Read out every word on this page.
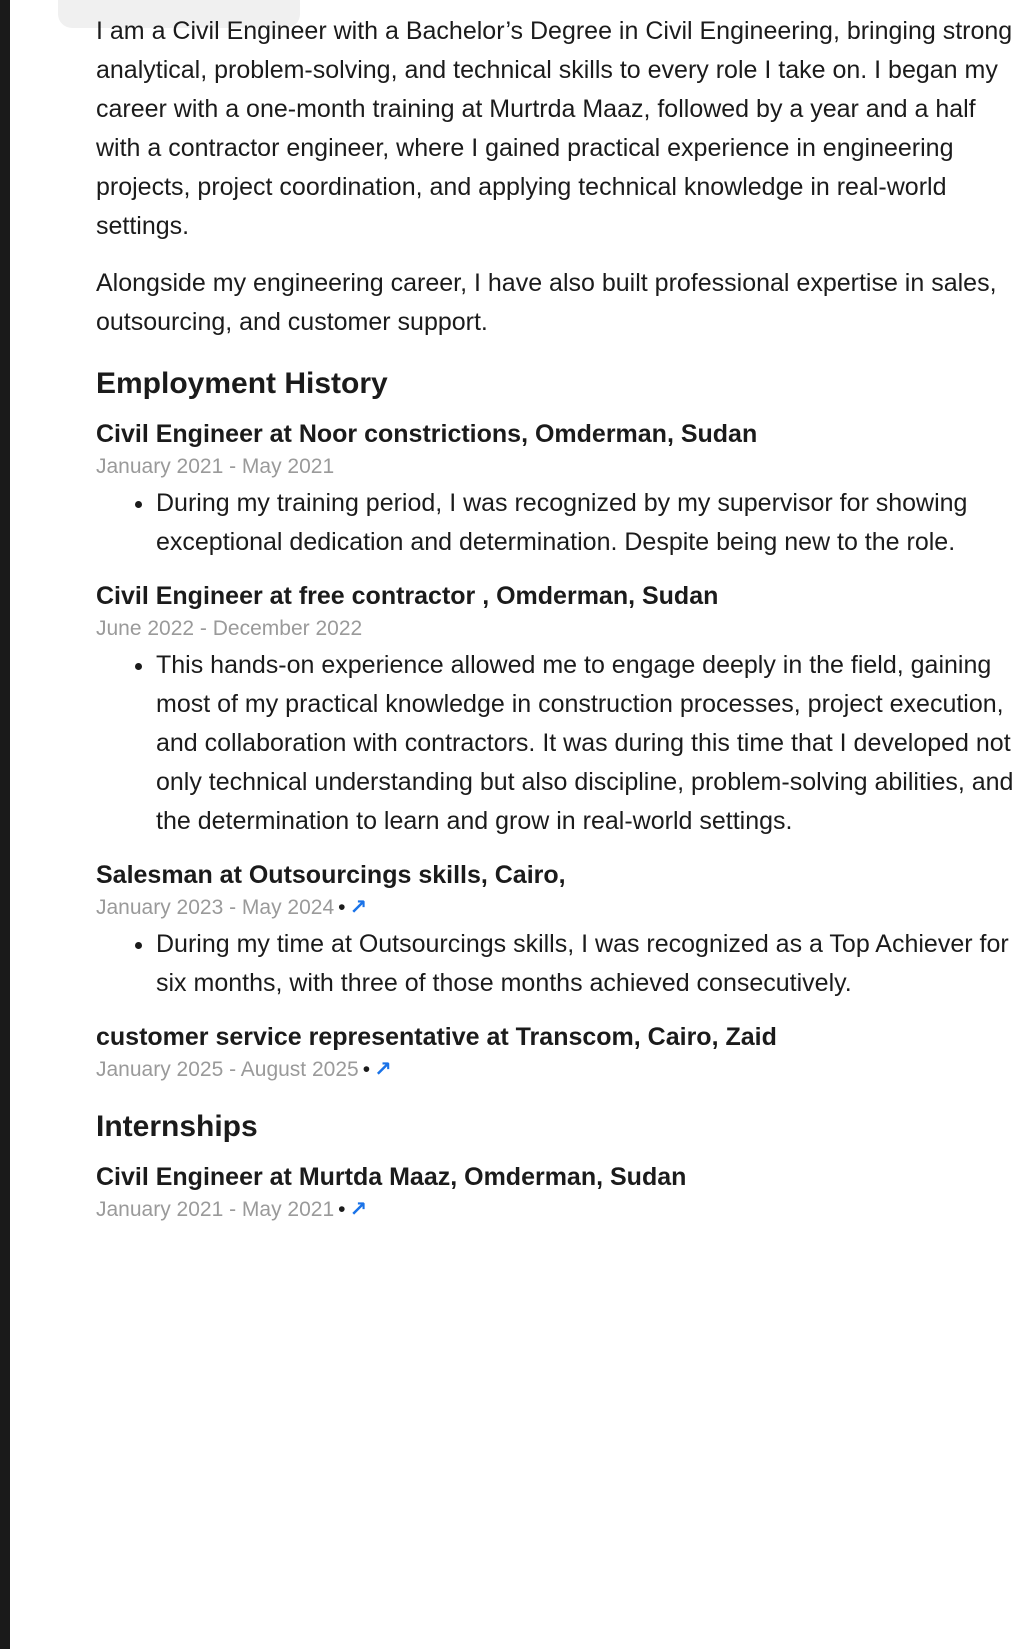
I am a Civil Engineer with a Bachelor’s Degree in Civil Engineering, bringing strong analytical, problem-solving, and technical skills to every role I take on. I began my career with a one-month training at Murtrda Maaz, followed by a year and a half with a contractor engineer, where I gained practical experience in engineering projects, project coordination, and applying technical knowledge in real-world settings.

Alongside my engineering career, I have also built professional expertise in sales, outsourcing, and customer support.

Employment History
Civil Engineer at Noor constrictions, Omderman, Sudan
January 2021 - May 2021
• During my training period, I was recognized by my supervisor for showing exceptional dedication and determination. Despite being new to the role.
Civil Engineer at free contractor , Omderman, Sudan
June 2022 - December 2022
• This hands-on experience allowed me to engage deeply in the field, gaining most of my practical knowledge in construction processes, project execution, and collaboration with contractors. It was during this time that I developed not only technical understanding but also discipline, problem-solving abilities, and the determination to learn and grow in real-world settings.
Salesman at Outsourcings skills, Cairo,
January 2023 - May 2024 • ↗
• During my time at Outsourcings skills, I was recognized as a Top Achiever for six months, with three of those months achieved consecutively.
customer service representative at Transcom, Cairo, Zaid
January 2025 - August 2025 • ↗
Internships
Civil Engineer at Murtda Maaz, Omderman, Sudan
January 2021 - May 2021 • ↗
